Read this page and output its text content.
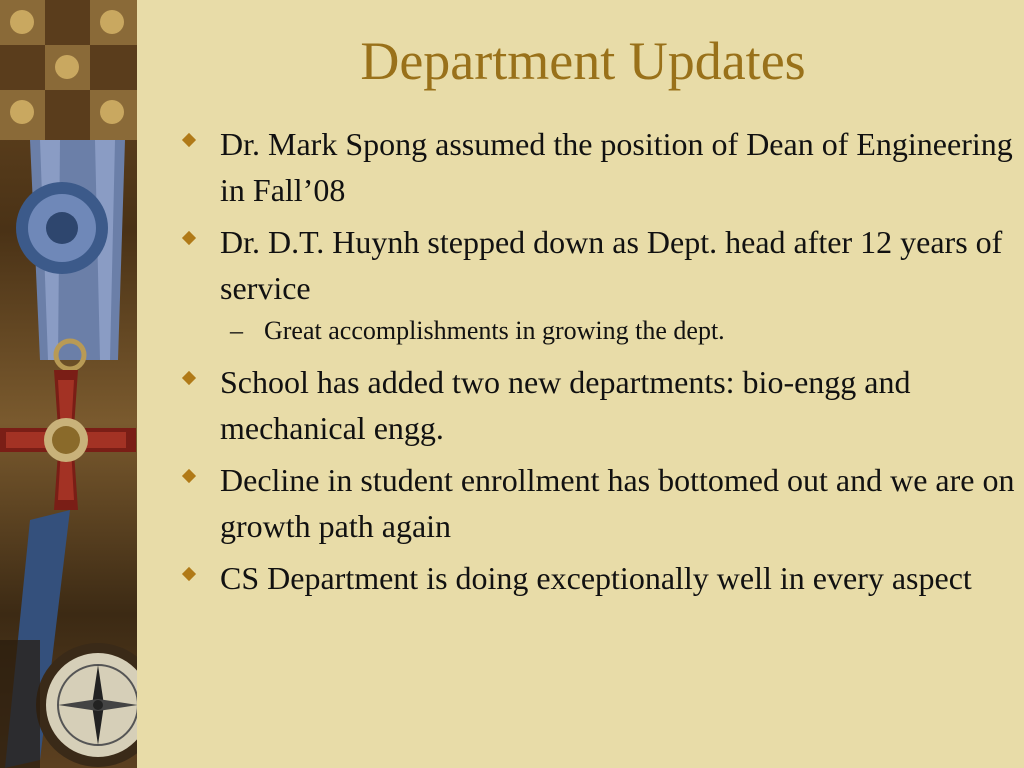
Department Updates
Dr. Mark Spong assumed the position of Dean of Engineering in Fall’08
Dr. D.T. Huynh stepped down as Dept. head after 12 years of service
– Great accomplishments in growing the dept.
School has added two new departments: bio-engg and mechanical engg.
Decline in student enrollment has bottomed out and we are on growth path again
CS Department is doing exceptionally well in every aspect
